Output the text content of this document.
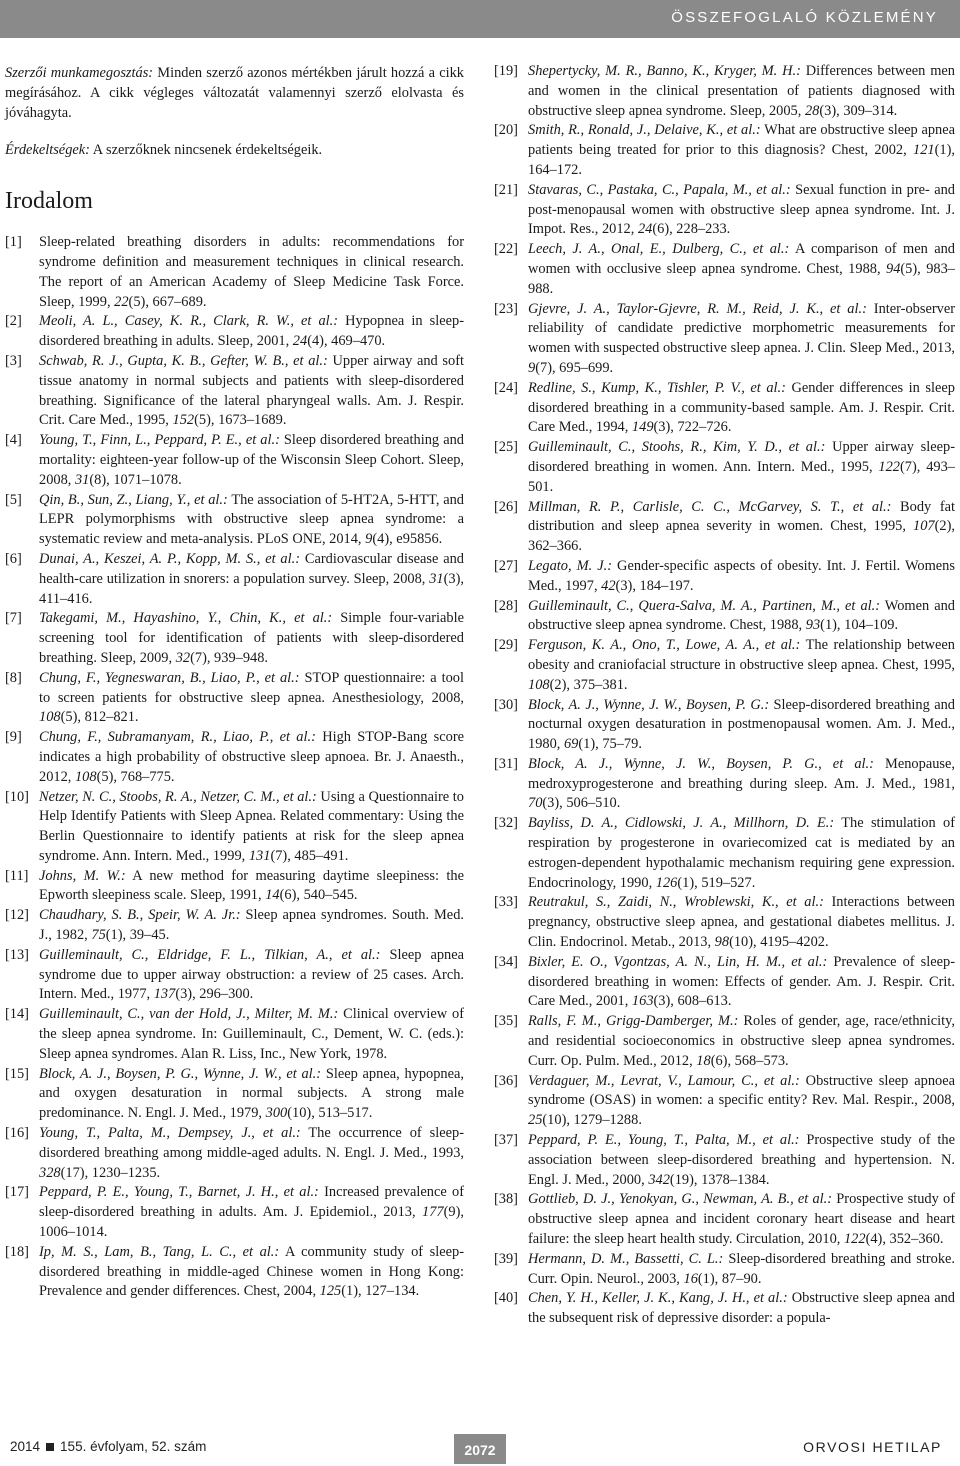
ÖSSZEFOGLALÓ KÖZLEMÉNY

Szerzői munkamegosztás: Minden szerző azonos mértékben járult hozzá a cikk megírásához. A cikk végleges változatát valamennyi szerző elolvasta és jóváhagyta.

Érdekeltségek: A szerzőknek nincsenek érdekeltségeik.

Irodalom
[1] Sleep-related breathing disorders in adults: recommendations for syndrome definition and measurement techniques in clinical research. The report of an American Academy of Sleep Medicine Task Force. Sleep, 1999, 22(5), 667–689.
[2] Meoli, A. L., Casey, K. R., Clark, R. W., et al.: Hypopnea in sleep-disordered breathing in adults. Sleep, 2001, 24(4), 469–470.
[3] Schwab, R. J., Gupta, K. B., Gefter, W. B., et al.: Upper airway and soft tissue anatomy in normal subjects and patients with sleep-disordered breathing. Significance of the lateral pharyngeal walls. Am. J. Respir. Crit. Care Med., 1995, 152(5), 1673–1689.
[4] Young, T., Finn, L., Peppard, P. E., et al.: Sleep disordered breathing and mortality: eighteen-year follow-up of the Wisconsin Sleep Cohort. Sleep, 2008, 31(8), 1071–1078.
[5] Qin, B., Sun, Z., Liang, Y., et al.: The association of 5-HT2A, 5-HTT, and LEPR polymorphisms with obstructive sleep apnea syndrome: a systematic review and meta-analysis. PLoS ONE, 2014, 9(4), e95856.
[6] Dunai, A., Keszei, A. P., Kopp, M. S., et al.: Cardiovascular disease and health-care utilization in snorers: a population survey. Sleep, 2008, 31(3), 411–416.
[7] Takegami, M., Hayashino, Y., Chin, K., et al.: Simple four-variable screening tool for identification of patients with sleep-disordered breathing. Sleep, 2009, 32(7), 939–948.
[8] Chung, F., Yegneswaran, B., Liao, P., et al.: STOP questionnaire: a tool to screen patients for obstructive sleep apnea. Anesthesiology, 2008, 108(5), 812–821.
[9] Chung, F., Subramanyam, R., Liao, P., et al.: High STOP-Bang score indicates a high probability of obstructive sleep apnoea. Br. J. Anaesth., 2012, 108(5), 768–775.
[10] Netzer, N. C., Stoobs, R. A., Netzer, C. M., et al.: Using a Questionnaire to Help Identify Patients with Sleep Apnea. Related commentary: Using the Berlin Questionnaire to identify patients at risk for the sleep apnea syndrome. Ann. Intern. Med., 1999, 131(7), 485–491.
[11] Johns, M. W.: A new method for measuring daytime sleepiness: the Epworth sleepiness scale. Sleep, 1991, 14(6), 540–545.
[12] Chaudhary, S. B., Speir, W. A. Jr.: Sleep apnea syndromes. South. Med. J., 1982, 75(1), 39–45.
[13] Guilleminault, C., Eldridge, F. L., Tilkian, A., et al.: Sleep apnea syndrome due to upper airway obstruction: a review of 25 cases. Arch. Intern. Med., 1977, 137(3), 296–300.
[14] Guilleminault, C., van der Hold, J., Milter, M. M.: Clinical overview of the sleep apnea syndrome. In: Guilleminault, C., Dement, W. C. (eds.): Sleep apnea syndromes. Alan R. Liss, Inc., New York, 1978.
[15] Block, A. J., Boysen, P. G., Wynne, J. W., et al.: Sleep apnea, hypopnea, and oxygen desaturation in normal subjects. A strong male predominance. N. Engl. J. Med., 1979, 300(10), 513–517.
[16] Young, T., Palta, M., Dempsey, J., et al.: The occurrence of sleep-disordered breathing among middle-aged adults. N. Engl. J. Med., 1993, 328(17), 1230–1235.
[17] Peppard, P. E., Young, T., Barnet, J. H., et al.: Increased prevalence of sleep-disordered breathing in adults. Am. J. Epidemiol., 2013, 177(9), 1006–1014.
[18] Ip, M. S., Lam, B., Tang, L. C., et al.: A community study of sleep-disordered breathing in middle-aged Chinese women in Hong Kong: Prevalence and gender differences. Chest, 2004, 125(1), 127–134.
[19] Shepertycky, M. R., Banno, K., Kryger, M. H.: Differences between men and women in the clinical presentation of patients diagnosed with obstructive sleep apnea syndrome. Sleep, 2005, 28(3), 309–314.
[20] Smith, R., Ronald, J., Delaive, K., et al.: What are obstructive sleep apnea patients being treated for prior to this diagnosis? Chest, 2002, 121(1), 164–172.
[21] Stavaras, C., Pastaka, C., Papala, M., et al.: Sexual function in pre- and post-menopausal women with obstructive sleep apnea syndrome. Int. J. Impot. Res., 2012, 24(6), 228–233.
[22] Leech, J. A., Onal, E., Dulberg, C., et al.: A comparison of men and women with occlusive sleep apnea syndrome. Chest, 1988, 94(5), 983–988.
[23] Gjevre, J. A., Taylor-Gjevre, R. M., Reid, J. K., et al.: Inter-observer reliability of candidate predictive morphometric measurements for women with suspected obstructive sleep apnea. J. Clin. Sleep Med., 2013, 9(7), 695–699.
[24] Redline, S., Kump, K., Tishler, P. V., et al.: Gender differences in sleep disordered breathing in a community-based sample. Am. J. Respir. Crit. Care Med., 1994, 149(3), 722–726.
[25] Guilleminault, C., Stoohs, R., Kim, Y. D., et al.: Upper airway sleep-disordered breathing in women. Ann. Intern. Med., 1995, 122(7), 493–501.
[26] Millman, R. P., Carlisle, C. C., McGarvey, S. T., et al.: Body fat distribution and sleep apnea severity in women. Chest, 1995, 107(2), 362–366.
[27] Legato, M. J.: Gender-specific aspects of obesity. Int. J. Fertil. Womens Med., 1997, 42(3), 184–197.
[28] Guilleminault, C., Quera-Salva, M. A., Partinen, M., et al.: Women and obstructive sleep apnea syndrome. Chest, 1988, 93(1), 104–109.
[29] Ferguson, K. A., Ono, T., Lowe, A. A., et al.: The relationship between obesity and craniofacial structure in obstructive sleep apnea. Chest, 1995, 108(2), 375–381.
[30] Block, A. J., Wynne, J. W., Boysen, P. G.: Sleep-disordered breathing and nocturnal oxygen desaturation in postmenopausal women. Am. J. Med., 1980, 69(1), 75–79.
[31] Block, A. J., Wynne, J. W., Boysen, P. G., et al.: Menopause, medroxyprogesterone and breathing during sleep. Am. J. Med., 1981, 70(3), 506–510.
[32] Bayliss, D. A., Cidlowski, J. A., Millhorn, D. E.: The stimulation of respiration by progesterone in ovariecomized cat is mediated by an estrogen-dependent hypothalamic mechanism requiring gene expression. Endocrinology, 1990, 126(1), 519–527.
[33] Reutrakul, S., Zaidi, N., Wroblewski, K., et al.: Interactions between pregnancy, obstructive sleep apnea, and gestational diabetes mellitus. J. Clin. Endocrinol. Metab., 2013, 98(10), 4195–4202.
[34] Bixler, E. O., Vgontzas, A. N., Lin, H. M., et al.: Prevalence of sleep-disordered breathing in women: Effects of gender. Am. J. Respir. Crit. Care Med., 2001, 163(3), 608–613.
[35] Ralls, F. M., Grigg-Damberger, M.: Roles of gender, age, race/ethnicity, and residential socioeconomics in obstructive sleep apnea syndromes. Curr. Op. Pulm. Med., 2012, 18(6), 568–573.
[36] Verdaguer, M., Levrat, V., Lamour, C., et al.: Obstructive sleep apnoea syndrome (OSAS) in women: a specific entity? Rev. Mal. Respir., 2008, 25(10), 1279–1288.
[37] Peppard, P. E., Young, T., Palta, M., et al.: Prospective study of the association between sleep-disordered breathing and hypertension. N. Engl. J. Med., 2000, 342(19), 1378–1384.
[38] Gottlieb, D. J., Yenokyan, G., Newman, A. B., et al.: Prospective study of obstructive sleep apnea and incident coronary heart disease and heart failure: the sleep heart health study. Circulation, 2010, 122(4), 352–360.
[39] Hermann, D. M., Bassetti, C. L.: Sleep-disordered breathing and stroke. Curr. Opin. Neurol., 2003, 16(1), 87–90.
[40] Chen, Y. H., Keller, J. K., Kang, J. H., et al.: Obstructive sleep apnea and the subsequent risk of depressive disorder: a popula-
2014 155. évfolyam, 52. szám	2072	ORVOSI HETILAP
